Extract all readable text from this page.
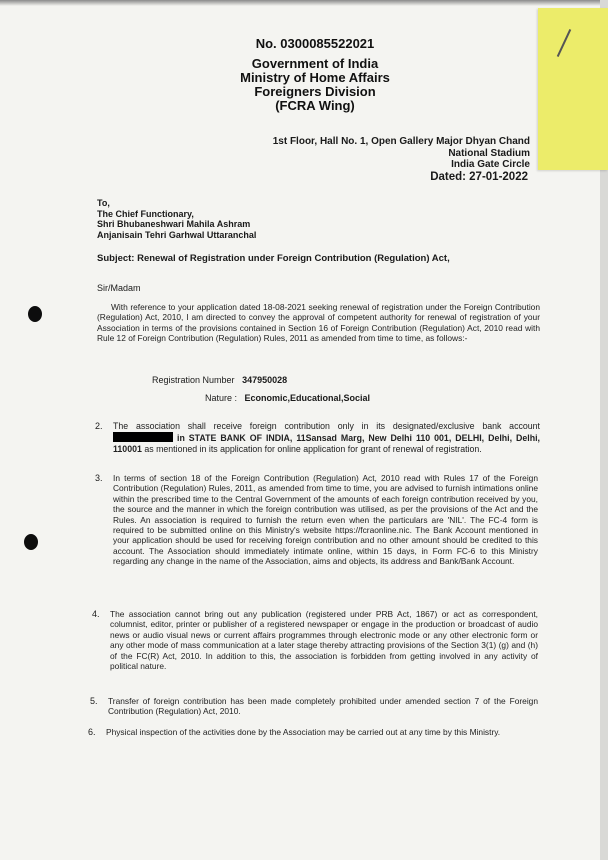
No. 0300085522021
Government of India
Ministry of Home Affairs
Foreigners Division
(FCRA Wing)
1st Floor, Hall No. 1, Open Gallery Major Dhyan Chand
National Stadium
India Gate Circle
Dated: 27-01-2022
To,
The Chief Functionary,
Shri Bhubaneshwari Mahila Ashram
Anjanisain Tehri Garhwal Uttaranchal
Subject: Renewal of Registration under Foreign Contribution (Regulation) Act,
Sir/Madam
With reference to your application dated 18-08-2021 seeking renewal of registration under the Foreign Contribution (Regulation) Act, 2010, I am directed to convey the approval of competent authority for renewal of registration of your Association in terms of the provisions contained in Section 16 of Foreign Contribution (Regulation) Act, 2010 read with Rule 12 of Foreign Contribution (Regulation) Rules, 2011 as amended from time to time, as follows:-
Registration Number 347950028
Nature : Economic,Educational,Social
2. The association shall receive foreign contribution only in its designated/exclusive bank account  in STATE BANK OF INDIA, 11Sansad Marg, New Delhi 110 001, DELHI, Delhi, Delhi, 110001 as mentioned in its application for online application for grant of renewal of registration.
3. In terms of section 18 of the Foreign Contribution (Regulation) Act, 2010 read with Rules 17 of the Foreign Contribution (Regulation) Rules, 2011, as amended from time to time, you are advised to furnish intimations online within the prescribed time to the Central Government of the amounts of each foreign contribution received by you, the source and the manner in which the foreign contribution was utilised, as per the provisions of the Act and the Rules. An association is required to furnish the return even when the particulars are 'NIL'. The FC-4 form is required to be submitted online on this Ministry's website https://fcraonline.nic. The Bank Account mentioned in your application should be used for receiving foreign contribution and no other amount should be credited to this account. The Association should immediately intimate online, within 15 days, in Form FC-6 to this Ministry regarding any change in the name of the Association, aims and objects, its address and Bank/Bank Account.
4. The association cannot bring out any publication (registered under PRB Act, 1867) or act as correspondent, columnist, editor, printer or publisher of a registered newspaper or engage in the production or broadcast of audio news or audio visual news or current affairs programmes through electronic mode or any other electronic form or any other mode of mass communication at a later stage thereby attracting provisions of the Section 3(1) (g) and (h) of the FC(R) Act, 2010. In addition to this, the association is forbidden from getting involved in any activity of political nature.
5. Transfer of foreign contribution has been made completely prohibited under amended section 7 of the Foreign Contribution (Regulation) Act, 2010.
6. Physical inspection of the activities done by the Association may be carried out at any time by this Ministry.
